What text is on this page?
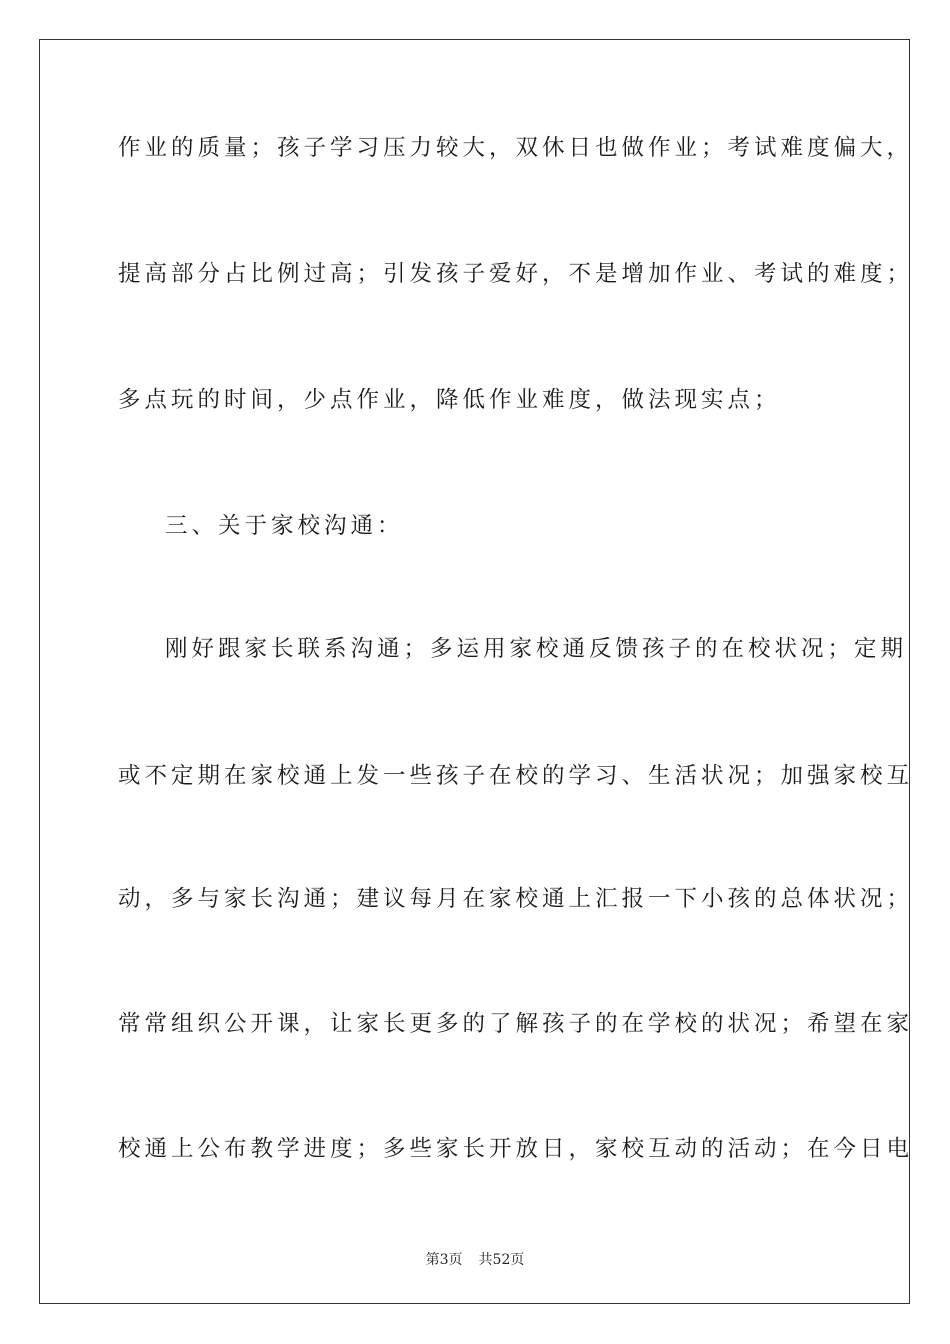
作业的质量；孩子学习压力较大，双休日也做作业；考试难度偏大，
提高部分占比例过高；引发孩子爱好，不是增加作业、考试的难度；
多点玩的时间，少点作业，降低作业难度，做法现实点；
三、关于家校沟通：
刚好跟家长联系沟通；多运用家校通反馈孩子的在校状况；定期
或不定期在家校通上发一些孩子在校的学习、生活状况；加强家校互
动，多与家长沟通；建议每月在家校通上汇报一下小孩的总体状况；
常常组织公开课，让家长更多的了解孩子的在学校的状况；希望在家
校通上公布教学进度；多些家长开放日，家校互动的活动；在今日电
第3页 共52页
